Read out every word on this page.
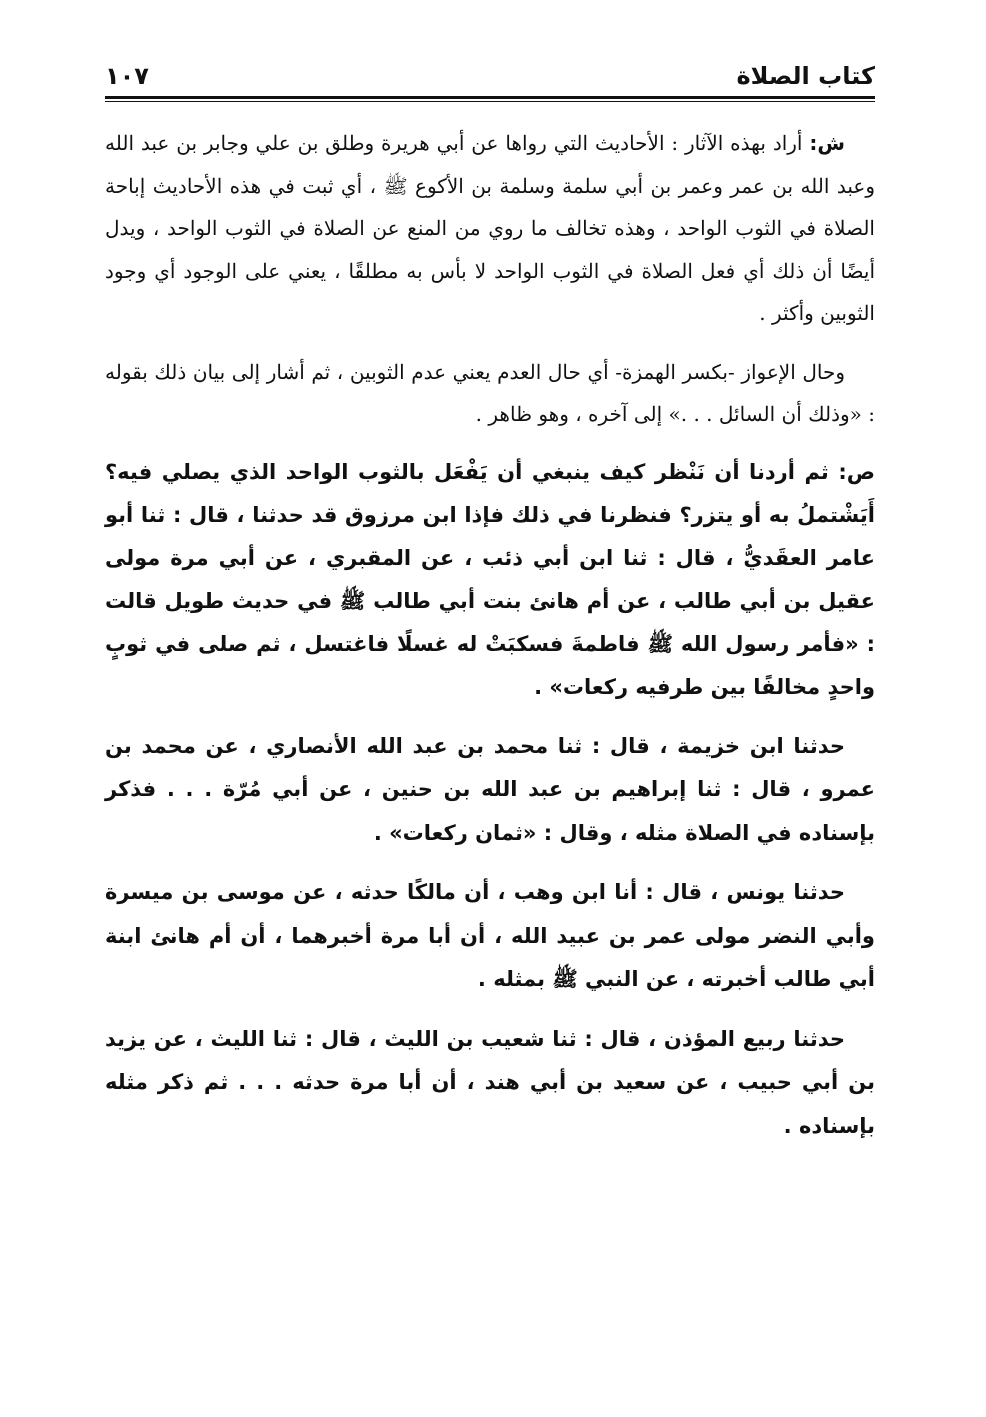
كتاب الصلاة
١٠٧

ش: أراد بهذه الآثار : الأحاديث التي رواها عن أبي هريرة وطلق بن علي وجابر بن عبد الله وعبد الله بن عمر وعمر بن أبي سلمة وسلمة بن الأكوع ﷺ ، أي ثبت في هذه الأحاديث إباحة الصلاة في الثوب الواحد ، وهذه تخالف ما روي من المنع عن الصلاة في الثوب الواحد ، ويدل أيضًا أن ذلك أي فعل الصلاة في الثوب الواحد لا بأس به مطلقًا ، يعني على الوجود أي وجود الثوبين وأكثر .

وحال الإعواز -بكسر الهمزة- أي حال العدم يعني عدم الثوبين ، ثم أشار إلى بيان ذلك بقوله : «وذلك أن السائل . . .» إلى آخره ، وهو ظاهر .

ص: ثم أردنا أن نَنْظر كيف ينبغي أن يَفْعَل بالثوب الواحد الذي يصلي فيه؟ أَيَشْتملُ به أو يتزر؟ فنظرنا في ذلك فإذا ابن مرزوق قد حدثنا ، قال : ثنا أبو عامر العقَديُّ ، قال : ثنا ابن أبي ذئب ، عن المقبري ، عن أبي مرة مولى عقيل بن أبي طالب ، عن أم هانئ بنت أبي طالب ﷺ في حديث طويل قالت : «فأمر رسول الله ﷺ فاطمةَ فسكبَتْ له غسلًا فاغتسل ، ثم صلى في ثوبٍ واحدٍ مخالفًا بين طرفيه ركعات» .

حدثنا ابن خزيمة ، قال : ثنا محمد بن عبد الله الأنصاري ، عن محمد بن عمرو ، قال : ثنا إبراهيم بن عبد الله بن حنين ، عن أبي مُرّة . . . فذكر بإسناده في الصلاة مثله ، وقال : «ثمان ركعات» .

حدثنا يونس ، قال : أنا ابن وهب ، أن مالكًا حدثه ، عن موسى بن ميسرة وأبي النضر مولى عمر بن عبيد الله ، أن أبا مرة أخبرهما ، أن أم هانئ ابنة أبي طالب أخبرته ، عن النبي ﷺ بمثله .

حدثنا ربيع المؤذن ، قال : ثنا شعيب بن الليث ، قال : ثنا الليث ، عن يزيد بن أبي حبيب ، عن سعيد بن أبي هند ، أن أبا مرة حدثه . . . ثم ذكر مثله بإسناده .
